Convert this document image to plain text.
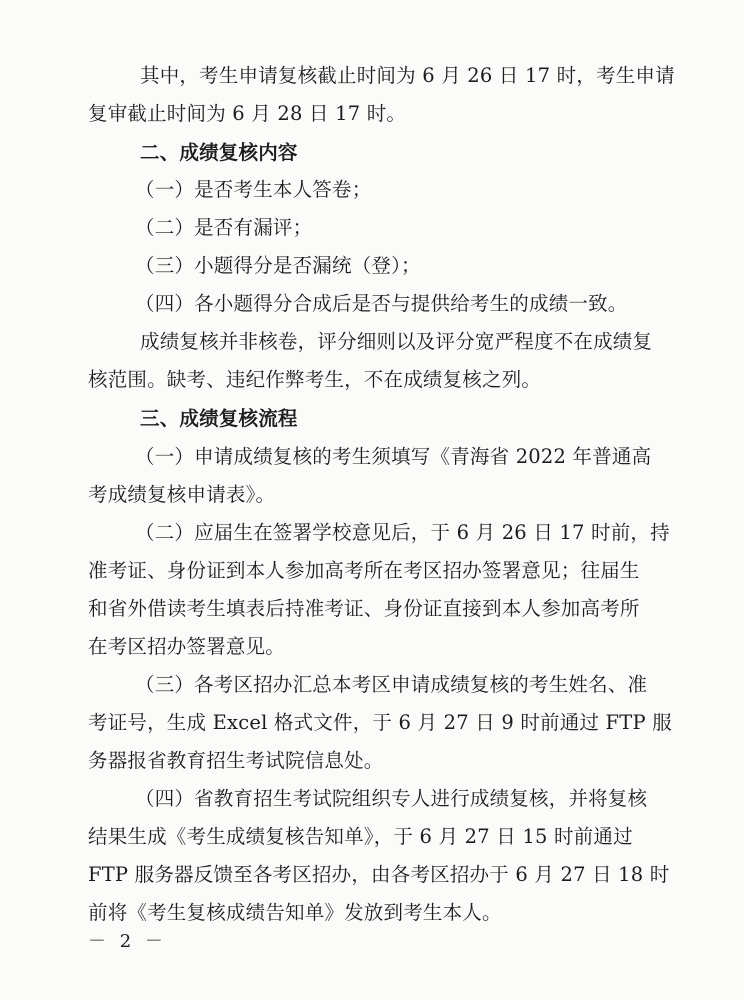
其中，考生申请复核截止时间为 6 月 26 日 17 时，考生申请
复审截止时间为 6 月 28 日 17 时。
二、成绩复核内容
（一）是否考生本人答卷；
（二）是否有漏评；
（三）小题得分是否漏统（登）；
（四）各小题得分合成后是否与提供给考生的成绩一致。
成绩复核并非核卷，评分细则以及评分宽严程度不在成绩复
核范围。缺考、违纪作弊考生，不在成绩复核之列。
三、成绩复核流程
（一）申请成绩复核的考生须填写《青海省 2022 年普通高
考成绩复核申请表》。
（二）应届生在签署学校意见后，于 6 月 26 日 17 时前，持
准考证、身份证到本人参加高考所在考区招办签署意见；往届生
和省外借读考生填表后持准考证、身份证直接到本人参加高考所
在考区招办签署意见。
（三）各考区招办汇总本考区申请成绩复核的考生姓名、准
考证号，生成 Excel 格式文件，于 6 月 27 日 9 时前通过 FTP 服
务器报省教育招生考试院信息处。
（四）省教育招生考试院组织专人进行成绩复核，并将复核
结果生成《考生成绩复核告知单》，于 6 月 27 日 15 时前通过
FTP 服务器反馈至各考区招办，由各考区招办于 6 月 27 日 18 时
前将《考生复核成绩告知单》发放到考生本人。
－ 2 －
